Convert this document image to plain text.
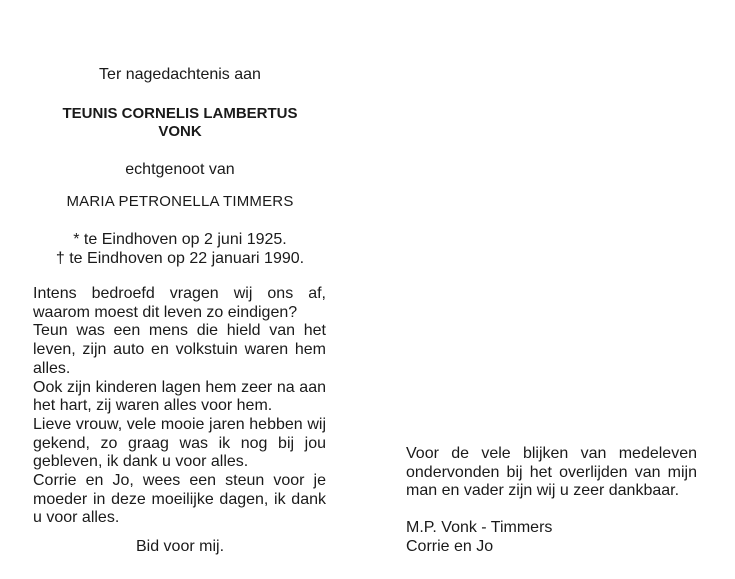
Ter nagedachtenis aan
TEUNIS CORNELIS LAMBERTUS
VONK
echtgenoot van
MARIA PETRONELLA TIMMERS
* te Eindhoven op 2 juni 1925.
† te Eindhoven op 22 januari 1990.

Intens bedroefd vragen wij ons af, waarom moest dit leven zo eindigen?

Teun was een mens die hield van het leven, zijn auto en volkstuin waren hem alles.

Ook zijn kinderen lagen hem zeer na aan het hart, zij waren alles voor hem.

Lieve vrouw, vele mooie jaren hebben wij gekend, zo graag was ik nog bij jou gebleven, ik dank u voor alles.

Corrie en Jo, wees een steun voor je moeder in deze moeilijke dagen, ik dank u voor alles.

Bid voor mij.

Voor de vele blijken van medeleven ondervonden bij het overlijden van mijn man en vader zijn wij u zeer dankbaar.

M.P. Vonk - Timmers
Corrie en Jo
